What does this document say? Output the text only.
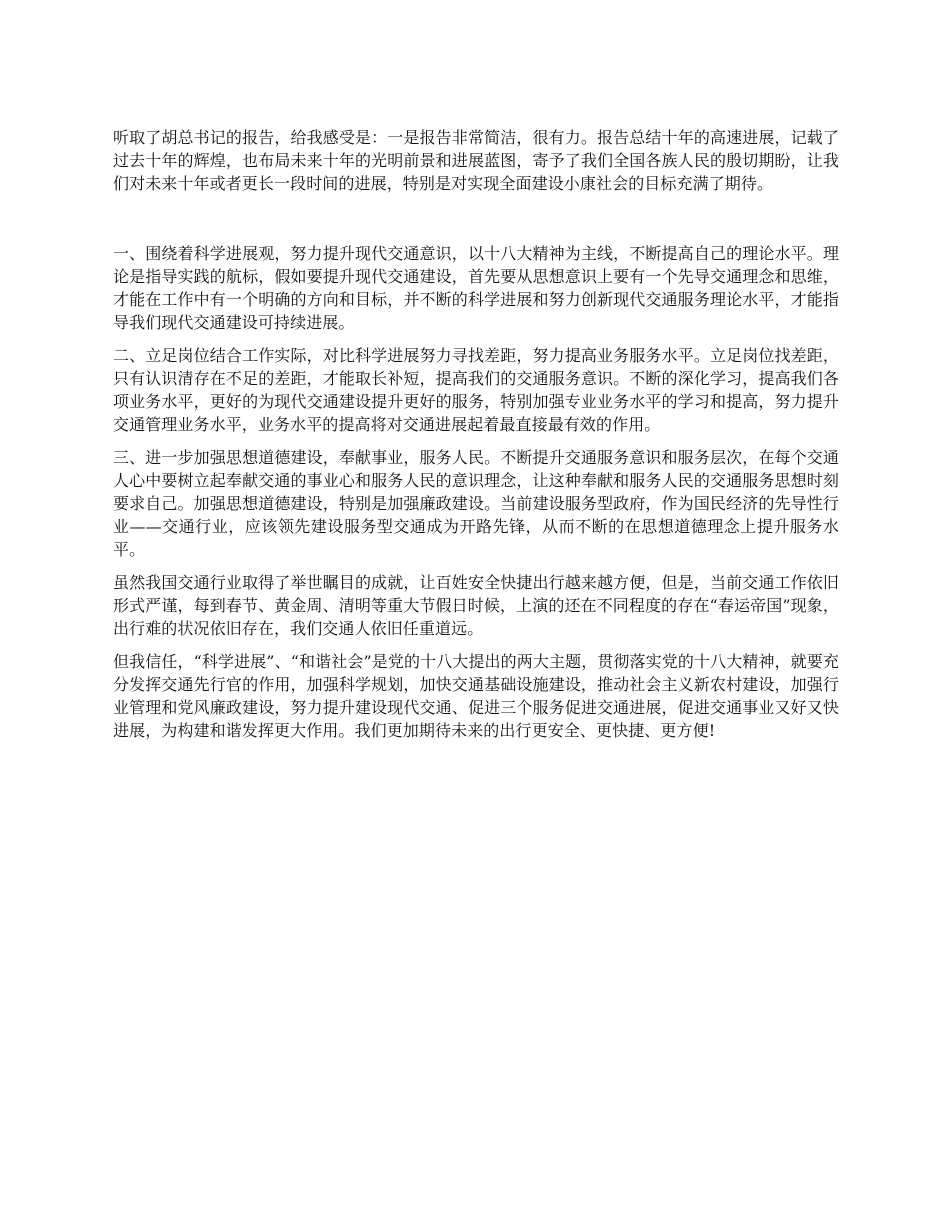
听取了胡总书记的报告，给我感受是：一是报告非常简洁，很有力。报告总结十年的高速进展，记载了过去十年的辉煌，也布局未来十年的光明前景和进展蓝图，寄予了我们全国各族人民的殷切期盼，让我们对未来十年或者更长一段时间的进展，特别是对实现全面建设小康社会的目标充满了期待。

一、围绕着科学进展观，努力提升现代交通意识，以十八大精神为主线，不断提高自己的理论水平。理论是指导实践的航标，假如要提升现代交通建设，首先要从思想意识上要有一个先导交通理念和思维，才能在工作中有一个明确的方向和目标，并不断的科学进展和努力创新现代交通服务理论水平，才能指导我们现代交通建设可持续进展。

二、立足岗位结合工作实际，对比科学进展努力寻找差距，努力提高业务服务水平。立足岗位找差距，只有认识清存在不足的差距，才能取长补短，提高我们的交通服务意识。不断的深化学习，提高我们各项业务水平，更好的为现代交通建设提升更好的服务，特别加强专业业务水平的学习和提高，努力提升交通管理业务水平，业务水平的提高将对交通进展起着最直接最有效的作用。

三、进一步加强思想道德建设，奉献事业，服务人民。不断提升交通服务意识和服务层次，在每个交通人心中要树立起奉献交通的事业心和服务人民的意识理念，让这种奉献和服务人民的交通服务思想时刻要求自己。加强思想道德建设，特别是加强廉政建设。当前建设服务型政府，作为国民经济的先导性行业——交通行业，应该领先建设服务型交通成为开路先锋，从而不断的在思想道德理念上提升服务水平。

虽然我国交通行业取得了举世瞩目的成就，让百姓安全快捷出行越来越方便，但是，当前交通工作依旧形式严谨，每到春节、黄金周、清明等重大节假日时候，上演的还在不同程度的存在“春运帝国”现象，出行难的状况依旧存在，我们交通人依旧任重道远。

但我信任，“科学进展”、“和谐社会”是党的十八大提出的两大主题，贯彻落实党的十八大精神，就要充分发挥交通先行官的作用，加强科学规划，加快交通基础设施建设，推动社会主义新农村建设，加强行业管理和党风廉政建设，努力提升建设现代交通、促进三个服务促进交通进展，促进交通事业又好又快进展，为构建和谐发挥更大作用。我们更加期待未来的出行更安全、更快捷、更方便!
